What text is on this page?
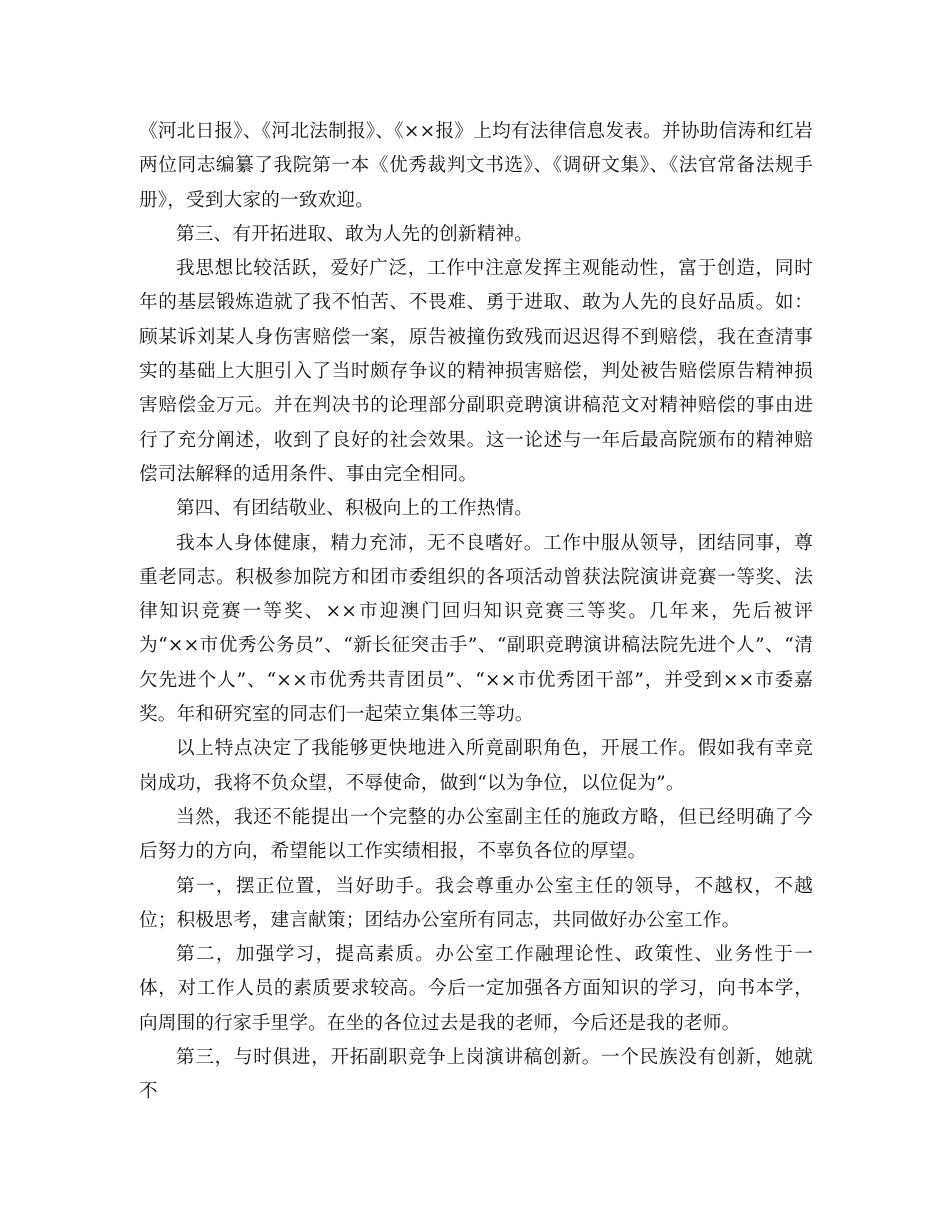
《河北日报》、《河北法制报》、《××报》上均有法律信息发表。并协助信涛和红岩两位同志编纂了我院第一本《优秀裁判文书选》、《调研文集》、《法官常备法规手册》，受到大家的一致欢迎。

第三、有开拓进取、敢为人先的创新精神。

我思想比较活跃，爱好广泛，工作中注意发挥主观能动性，富于创造，同时年的基层锻炼造就了我不怕苦、不畏难、勇于进取、敢为人先的良好品质。如：顾某诉刘某人身伤害赔偿一案，原告被撞伤致残而迟迟得不到赔偿，我在查清事实的基础上大胆引入了当时颇存争议的精神损害赔偿，判处被告赔偿原告精神损害赔偿金万元。并在判决书的论理部分副职竞聘演讲稿范文对精神赔偿的事由进行了充分阐述，收到了良好的社会效果。这一论述与一年后最高院颁布的精神赔偿司法解释的适用条件、事由完全相同。

第四、有团结敬业、积极向上的工作热情。

我本人身体健康，精力充沛，无不良嗜好。工作中服从领导，团结同事，尊重老同志。积极参加院方和团市委组织的各项活动曾获法院演讲竞赛一等奖、法律知识竞赛一等奖、××市迎澳门回归知识竞赛三等奖。几年来，先后被评为“××市优秀公务员”、“新长征突击手”、“副职竞聘演讲稿法院先进个人”、“清欠先进个人”、“××市优秀共青团员”、“××市优秀团干部”，并受到××市委嘉奖。年和研究室的同志们一起荣立集体三等功。

以上特点决定了我能够更快地进入所竟副职角色，开展工作。假如我有幸竞岗成功，我将不负众望，不辱使命，做到“以为争位，以位促为”。

当然，我还不能提出一个完整的办公室副主任的施政方略，但已经明确了今后努力的方向，希望能以工作实绩相报，不辜负各位的厚望。

第一，摆正位置，当好助手。我会尊重办公室主任的领导，不越权，不越位；积极思考，建言献策；团结办公室所有同志，共同做好办公室工作。

第二，加强学习，提高素质。办公室工作融理论性、政策性、业务性于一体，对工作人员的素质要求较高。今后一定加强各方面知识的学习，向书本学，向周围的行家手里学。在坐的各位过去是我的老师，今后还是我的老师。

第三，与时俱进，开拓副职竞争上岗演讲稿创新。一个民族没有创新，她就不
